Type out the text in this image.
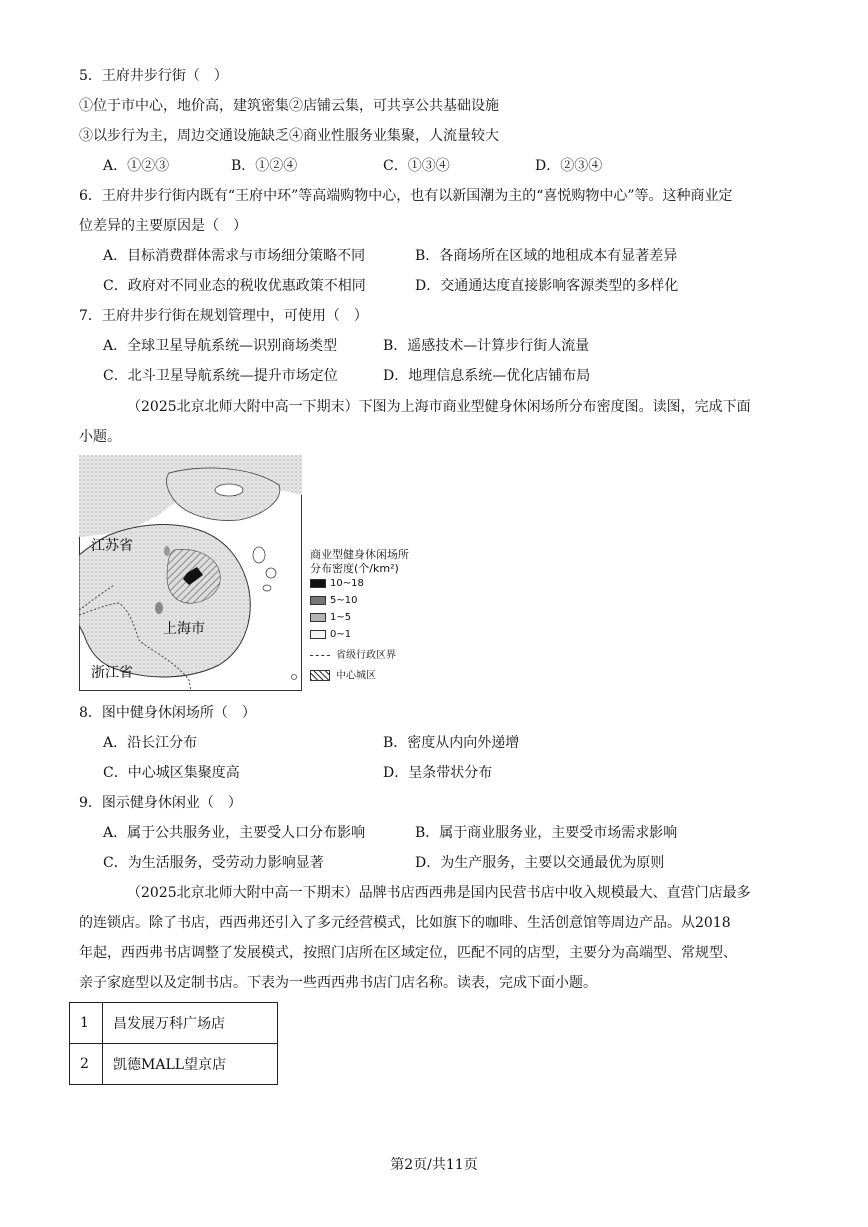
5．王府井步行街（　）
①位于市中心，地价高，建筑密集②店铺云集，可共享公共基础设施
③以步行为主，周边交通设施缺乏④商业性服务业集聚，人流量较大
A．①②③	B．①②④	C．①③④	D．②③④
6．王府井步行街内既有“王府中环”等高端购物中心，也有以新国潮为主的“喜悦购物中心”等。这种商业定
位差异的主要原因是（　）
A．目标消费群体需求与市场细分策略不同	B．各商场所在区域的地租成本有显著差异
C．政府对不同业态的税收优惠政策不相同	D．交通通达度直接影响客源类型的多样化
7．王府井步行街在规划管理中，可使用（　）
A．全球卫星导航系统—识别商场类型	B．遥感技术—计算步行街人流量
C．北斗卫星导航系统—提升市场定位	D．地理信息系统—优化店铺布局
（2025北京北师大附中高一下期末）下图为上海市商业型健身休闲场所分布密度图。读图，完成下面
小题。
江苏省
上海市
浙江省
商业型健身休闲场所
分布密度(个/km²)
10~18
5~10
1~5
0~1
省级行政区界
中心城区
8．图中健身休闲场所（　）
A．沿长江分布	B．密度从内向外递增
C．中心城区集聚度高	D．呈条带状分布
9．图示健身休闲业（　）
A．属于公共服务业，主要受人口分布影响	B．属于商业服务业，主要受市场需求影响
C．为生活服务，受劳动力影响显著	D．为生产服务，主要以交通最优为原则
（2025北京北师大附中高一下期末）品牌书店西西弗是国内民营书店中收入规模最大、直营门店最多
的连锁店。除了书店，西西弗还引入了多元经营模式，比如旗下的咖啡、生活创意馆等周边产品。从2018
年起，西西弗书店调整了发展模式，按照门店所在区域定位，匹配不同的店型，主要分为高端型、常规型、
亲子家庭型以及定制书店。下表为一些西西弗书店门店名称。读表，完成下面小题。
1	昌发展万科广场店
2	凯德MALL望京店
第2页/共11页
